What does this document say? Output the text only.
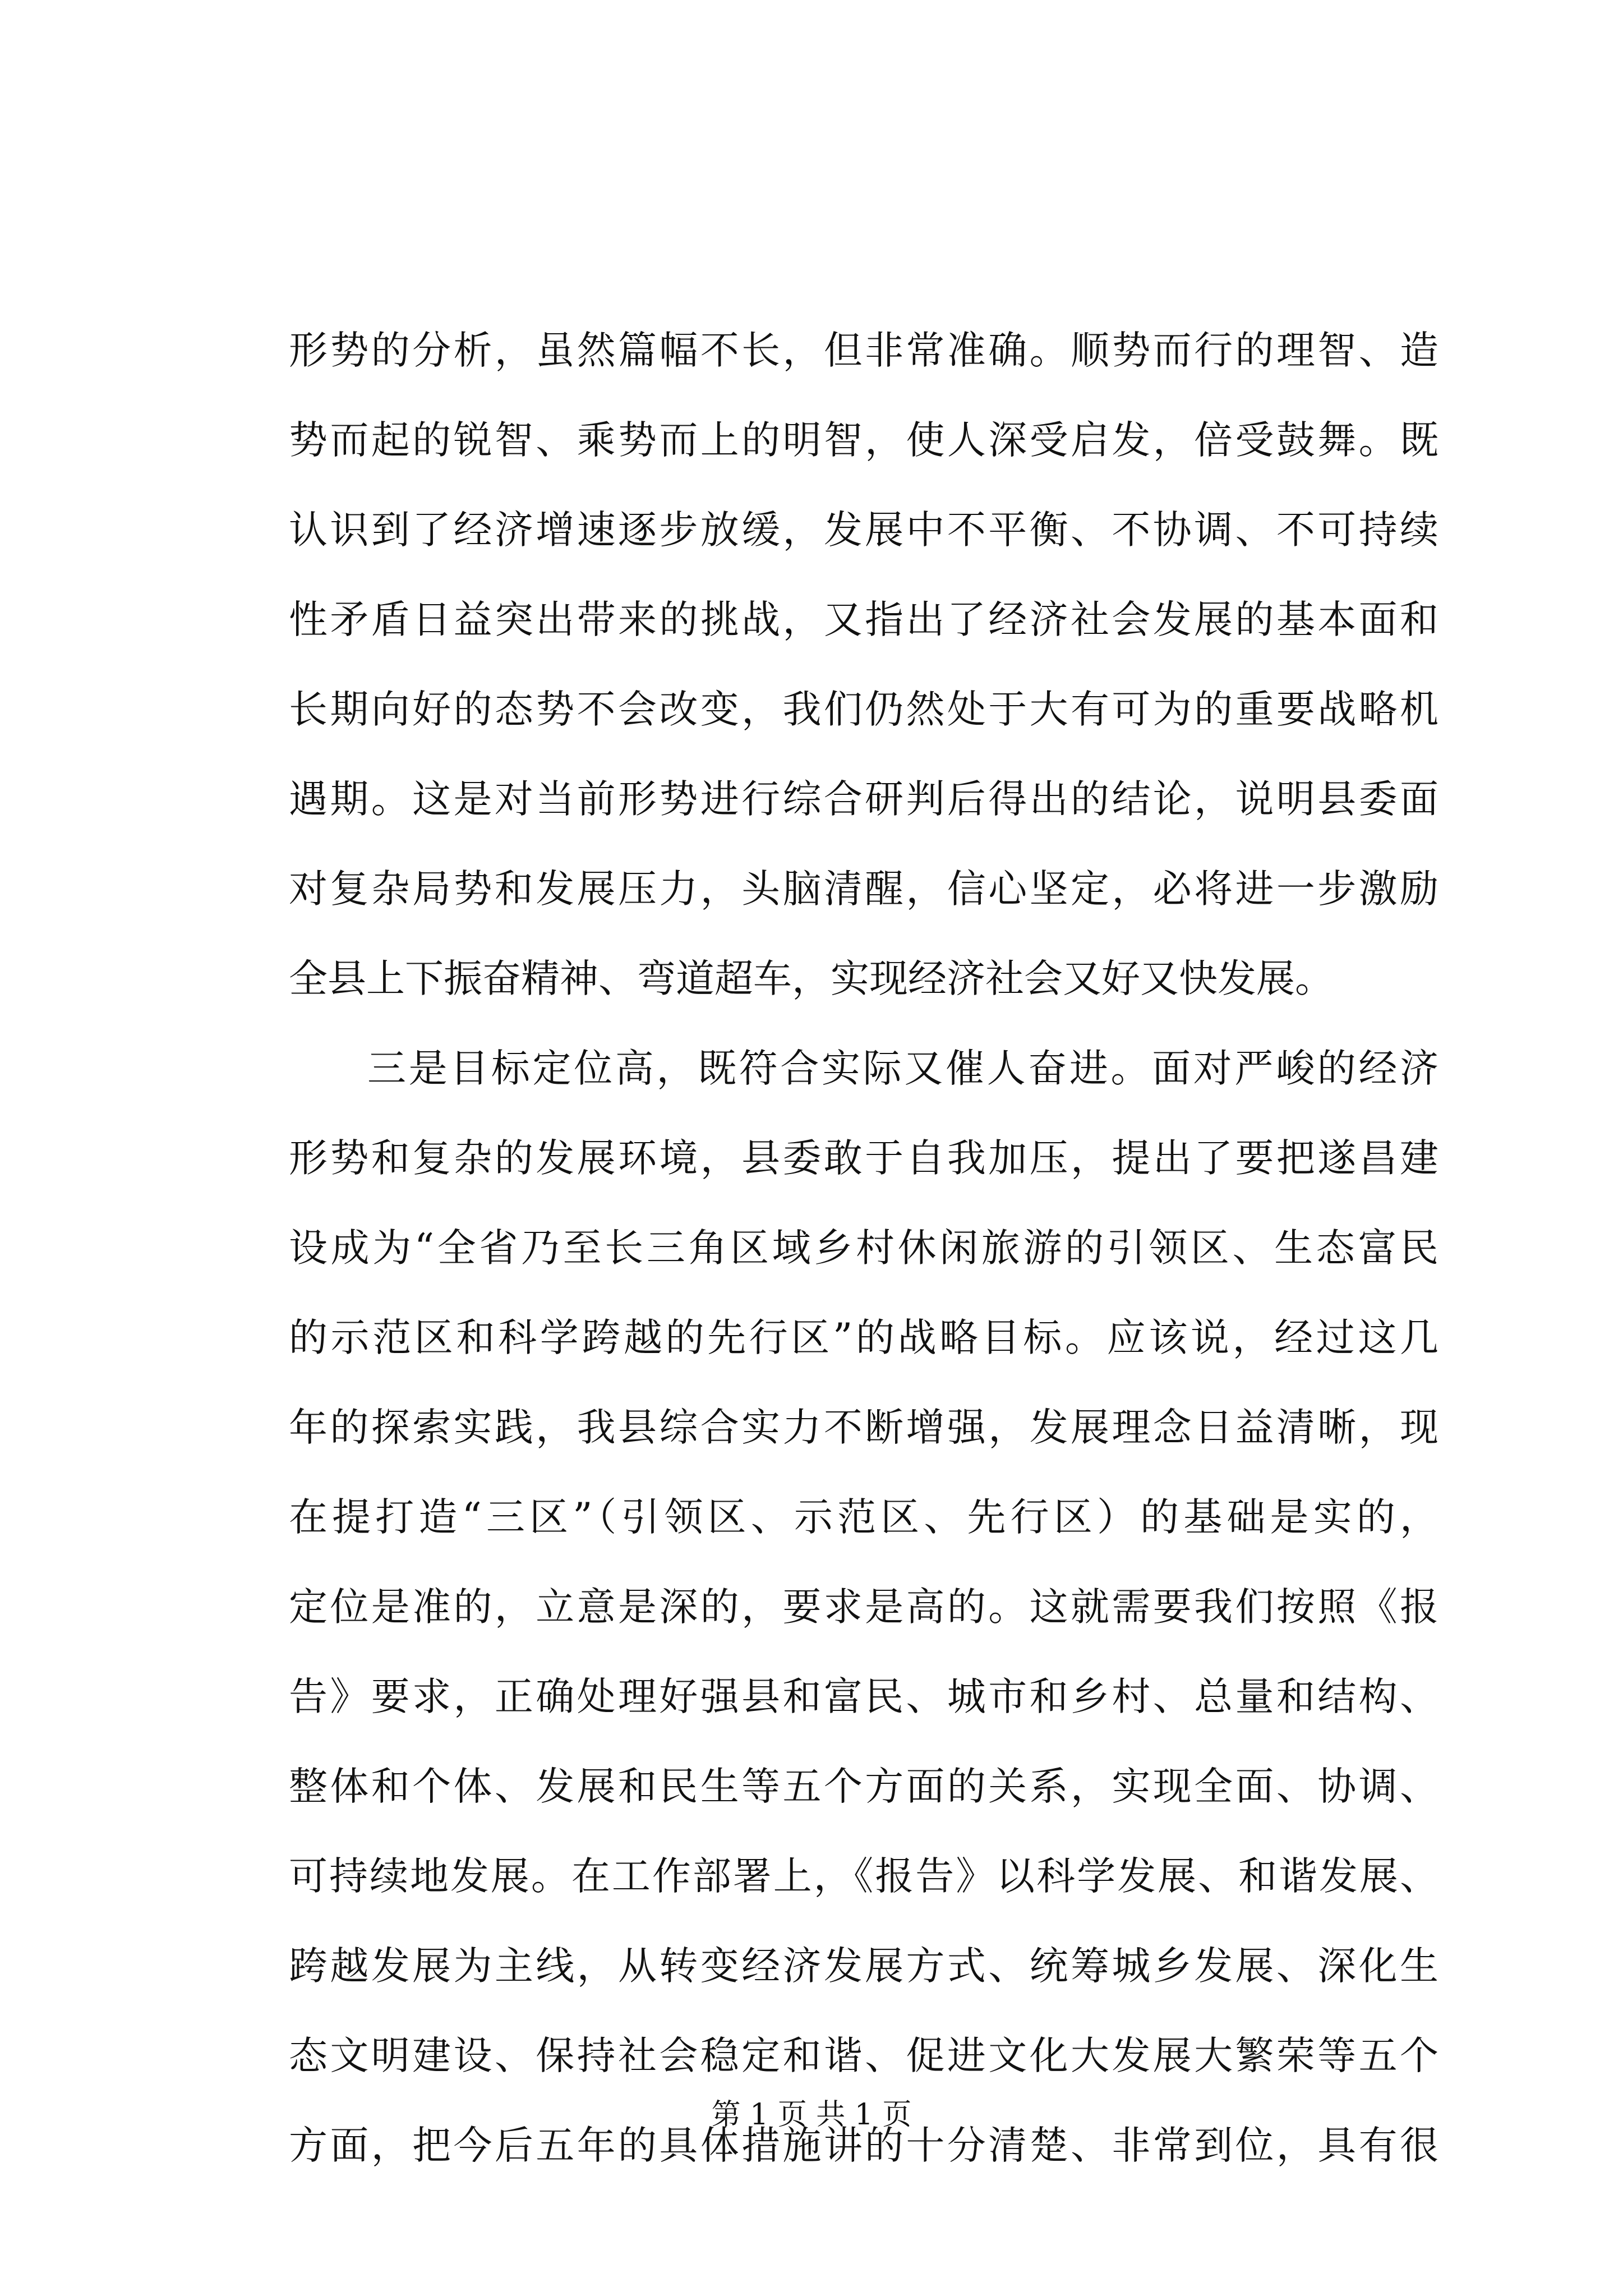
形势的分析，虽然篇幅不长，但非常准确。顺势而行的理智、造
势而起的锐智、乘势而上的明智，使人深受启发，倍受鼓舞。既
认识到了经济增速逐步放缓，发展中不平衡、不协调、不可持续
性矛盾日益突出带来的挑战，又指出了经济社会发展的基本面和
长期向好的态势不会改变，我们仍然处于大有可为的重要战略机
遇期。这是对当前形势进行综合研判后得出的结论，说明县委面
对复杂局势和发展压力，头脑清醒，信心坚定，必将进一步激励
全县上下振奋精神、弯道超车，实现经济社会又好又快发展。
三是目标定位高，既符合实际又催人奋进。面对严峻的经济
形势和复杂的发展环境，县委敢于自我加压，提出了要把遂昌建
设成为“全省乃至长三角区域乡村休闲旅游的引领区、生态富民
的示范区和科学跨越的先行区”的战略目标。应该说，经过这几
年的探索实践，我县综合实力不断增强，发展理念日益清晰，现
在提打造“三区”（引领区、示范区、先行区）的基础是实的，
定位是准的，立意是深的，要求是高的。这就需要我们按照《报
告》要求，正确处理好强县和富民、城市和乡村、总量和结构、
整体和个体、发展和民生等五个方面的关系，实现全面、协调、
可持续地发展。在工作部署上，《报告》以科学发展、和谐发展、
跨越发展为主线，从转变经济发展方式、统筹城乡发展、深化生
态文明建设、保持社会稳定和谐、促进文化大发展大繁荣等五个
方面，把今后五年的具体措施讲的十分清楚、非常到位，具有很
第 1 页 共 1 页
